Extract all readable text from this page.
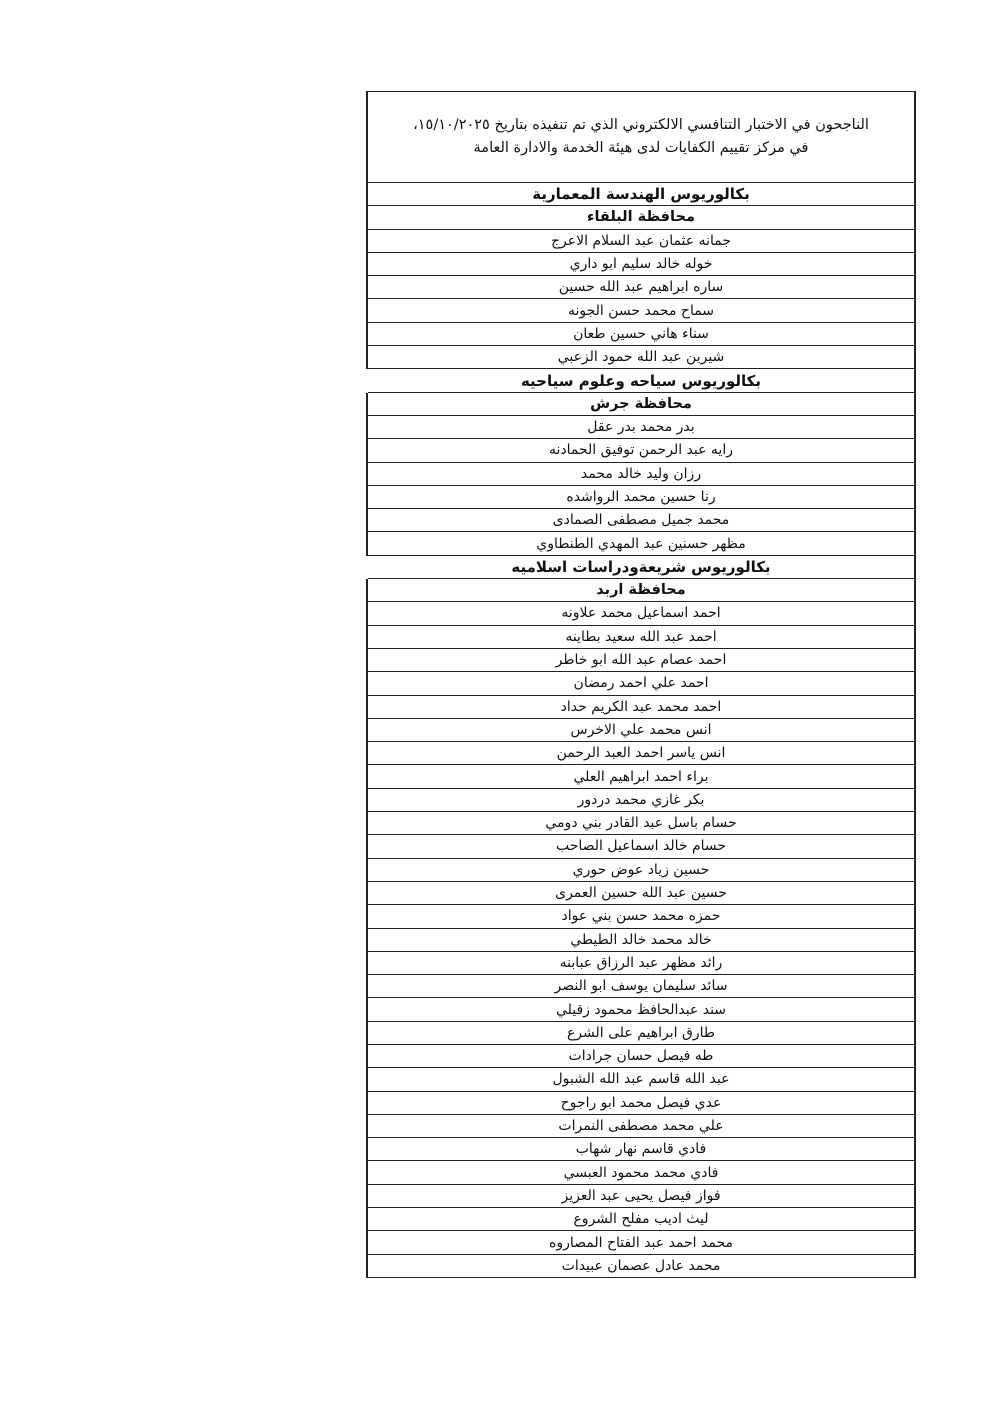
الناجحون في الاختبار التنافسي الالكتروني الذي تم تنفيذه بتاريخ ١٥/١٠/٢٠٢٥،
في مركز تقييم الكفايات لدى هيئة الخدمة والادارة العامة

بكالوريوس الهندسة المعمارية
محافظة البلقاء
جمانه عثمان عبد السلام الاعرج
خوله خالد سليم ابو داري
ساره ابراهيم عبد الله حسين
سماح محمد حسن الجونه
سناء هاني حسين طعان
شيرين عبد الله حمود الزعبي
بكالوريوس سياحه وعلوم سياحيه
محافظة جرش
بدر محمد بدر عقل
رايه عبد الرحمن توفيق الحمادنه
رزان وليد خالد محمد
رنا حسين محمد الرواشده
محمد جميل مصطفى الصمادى
مظهر حسنين عبد المهدي الطنطاوي
بكالوريوس شريعةودراسات اسلاميه
محافظة اربد
احمد اسماعيل محمد علاونه
احمد عبد الله سعيد بطاينه
احمد عصام عبد الله ابو خاطر
احمد علي احمد رمضان
احمد محمد عبد الكريم حداد
انس محمد علي الاخرس
انس ياسر احمد العبد الرحمن
براء احمد ابراهيم العلي
بكر غازي محمد دردور
حسام باسل عبد القادر بني دومي
حسام خالد اسماعيل الصاحب
حسين زياد عوض حوري
حسين عبد الله حسين العمرى
حمزه محمد حسن بني عواد
خالد محمد خالد الطيطي
رائد مظهر عبد الرزاق عبابنه
سائد سليمان يوسف ابو النصر
سند عبدالحافظ محمود زقيلي
طارق ابراهيم على الشرع
طه فيصل حسان جرادات
عبد الله قاسم عبد الله الشبول
عدي فيصل محمد ابو راجوح
علي محمد مصطفى النمرات
فادي قاسم نهار شهاب
فادي محمد محمود العبسي
فواز فيصل يحيى عبد العزيز
ليث اديب مفلح الشروع
محمد احمد عبد الفتاح المصاروه
محمد عادل عصمان عبيدات
